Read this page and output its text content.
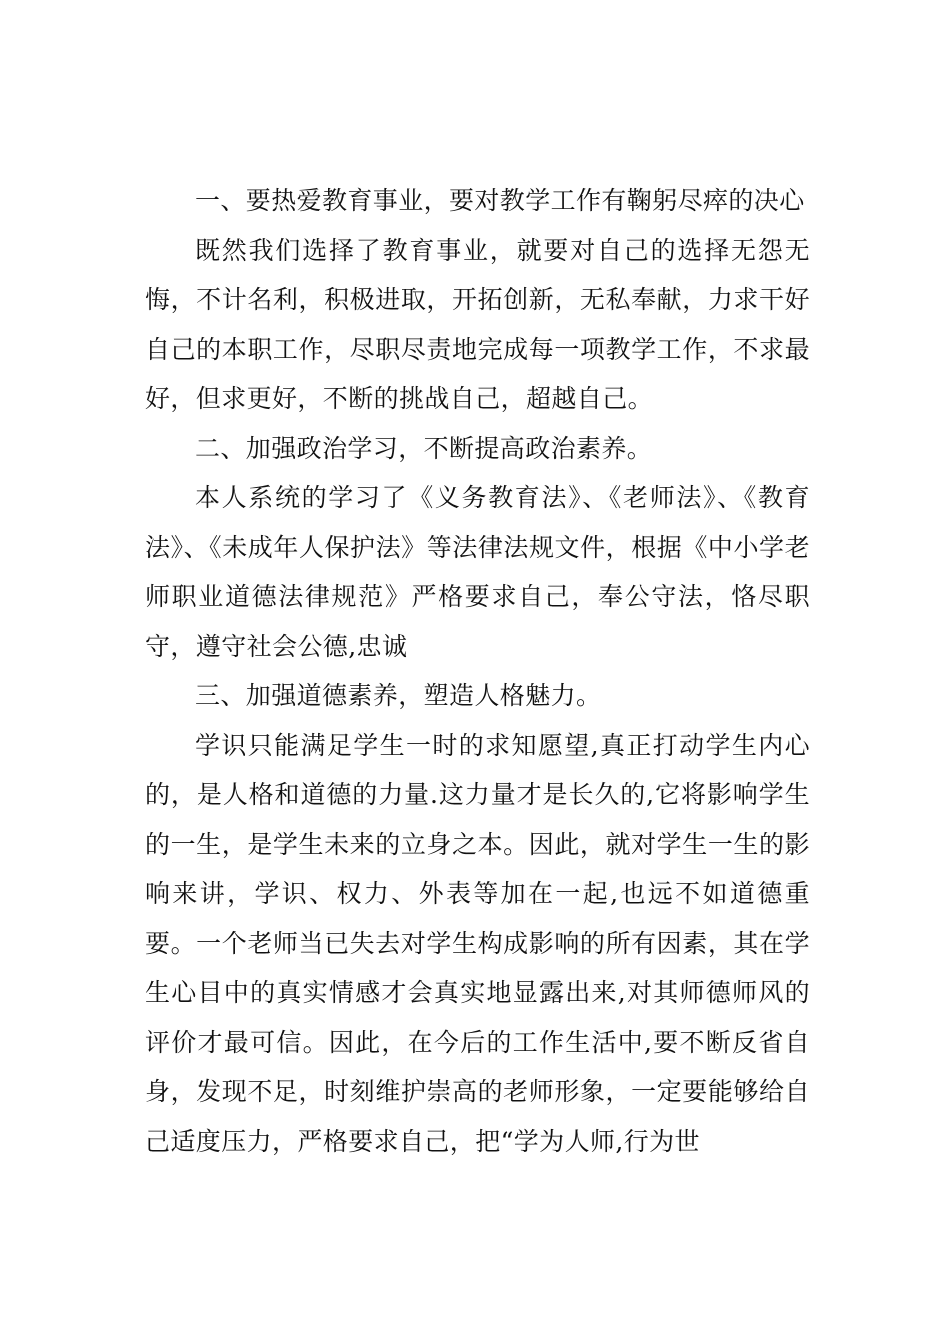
一、要热爱教育事业，要对教学工作有鞠躬尽瘁的决心

既然我们选择了教育事业，就要对自己的选择无怨无悔，不计名利，积极进取，开拓创新，无私奉献，力求干好自己的本职工作，尽职尽责地完成每一项教学工作，不求最好，但求更好，不断的挑战自己，超越自己。

二、加强政治学习，不断提高政治素养。

本人系统的学习了《义务教育法》、《老师法》、《教育法》、《未成年人保护法》等法律法规文件，根据《中小学老师职业道德法律规范》严格要求自己，奉公守法，恪尽职守，遵守社会公德,忠诚

三、加强道德素养，塑造人格魅力。

学识只能满足学生一时的求知愿望,真正打动学生内心的，是人格和道德的力量.这力量才是长久的,它将影响学生的一生，是学生未来的立身之本。因此，就对学生一生的影响来讲，学识、权力、外表等加在一起,也远不如道德重要。一个老师当已失去对学生构成影响的所有因素，其在学生心目中的真实情感才会真实地显露出来,对其师德师风的评价才最可信。因此，在今后的工作生活中,要不断反省自身，发现不足，时刻维护崇高的老师形象，一定要能够给自己适度压力，严格要求自己，把“学为人师,行为世
